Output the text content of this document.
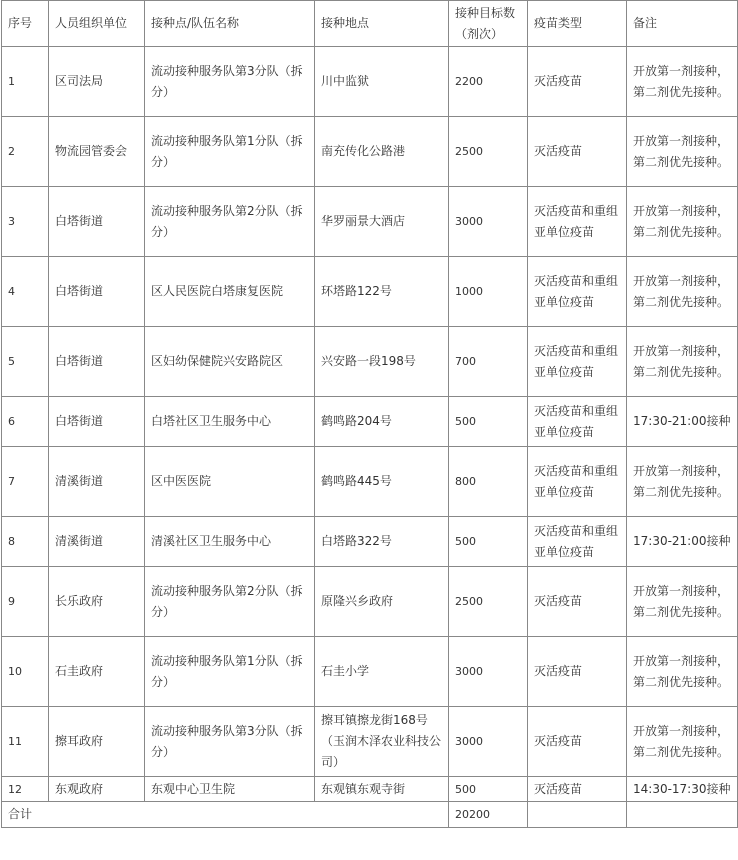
序号	人员组织单位	接种点/队伍名称	接种地点	接种目标数（剂次）	疫苗类型	备注
1	区司法局	流动接种服务队第3分队（拆分）	川中监狱	2200	灭活疫苗	开放第一剂接种，第二剂优先接种。
2	物流园管委会	流动接种服务队第1分队（拆分）	南充传化公路港	2500	灭活疫苗	开放第一剂接种，第二剂优先接种。
3	白塔街道	流动接种服务队第2分队（拆分）	华罗丽景大酒店	3000	灭活疫苗和重组亚单位疫苗	开放第一剂接种，第二剂优先接种。
4	白塔街道	区人民医院白塔康复医院	环塔路122号	1000	灭活疫苗和重组亚单位疫苗	开放第一剂接种，第二剂优先接种。
5	白塔街道	区妇幼保健院兴安路院区	兴安路一段198号	700	灭活疫苗和重组亚单位疫苗	开放第一剂接种，第二剂优先接种。
6	白塔街道	白塔社区卫生服务中心	鹤鸣路204号	500	灭活疫苗和重组亚单位疫苗	17:30-21:00接种
7	清溪街道	区中医医院	鹤鸣路445号	800	灭活疫苗和重组亚单位疫苗	开放第一剂接种，第二剂优先接种。
8	清溪街道	清溪社区卫生服务中心	白塔路322号	500	灭活疫苗和重组亚单位疫苗	17:30-21:00接种
9	长乐政府	流动接种服务队第2分队（拆分）	原隆兴乡政府	2500	灭活疫苗	开放第一剂接种，第二剂优先接种。
10	石圭政府	流动接种服务队第1分队（拆分）	石圭小学	3000	灭活疫苗	开放第一剂接种，第二剂优先接种。
11	擦耳政府	流动接种服务队第3分队（拆分）	擦耳镇擦龙街168号（玉润木泽农业科技公司）	3000	灭活疫苗	开放第一剂接种，第二剂优先接种。
12	东观政府	东观中心卫生院	东观镇东观寺街	500	灭活疫苗	14:30-17:30接种
合计				20200		
